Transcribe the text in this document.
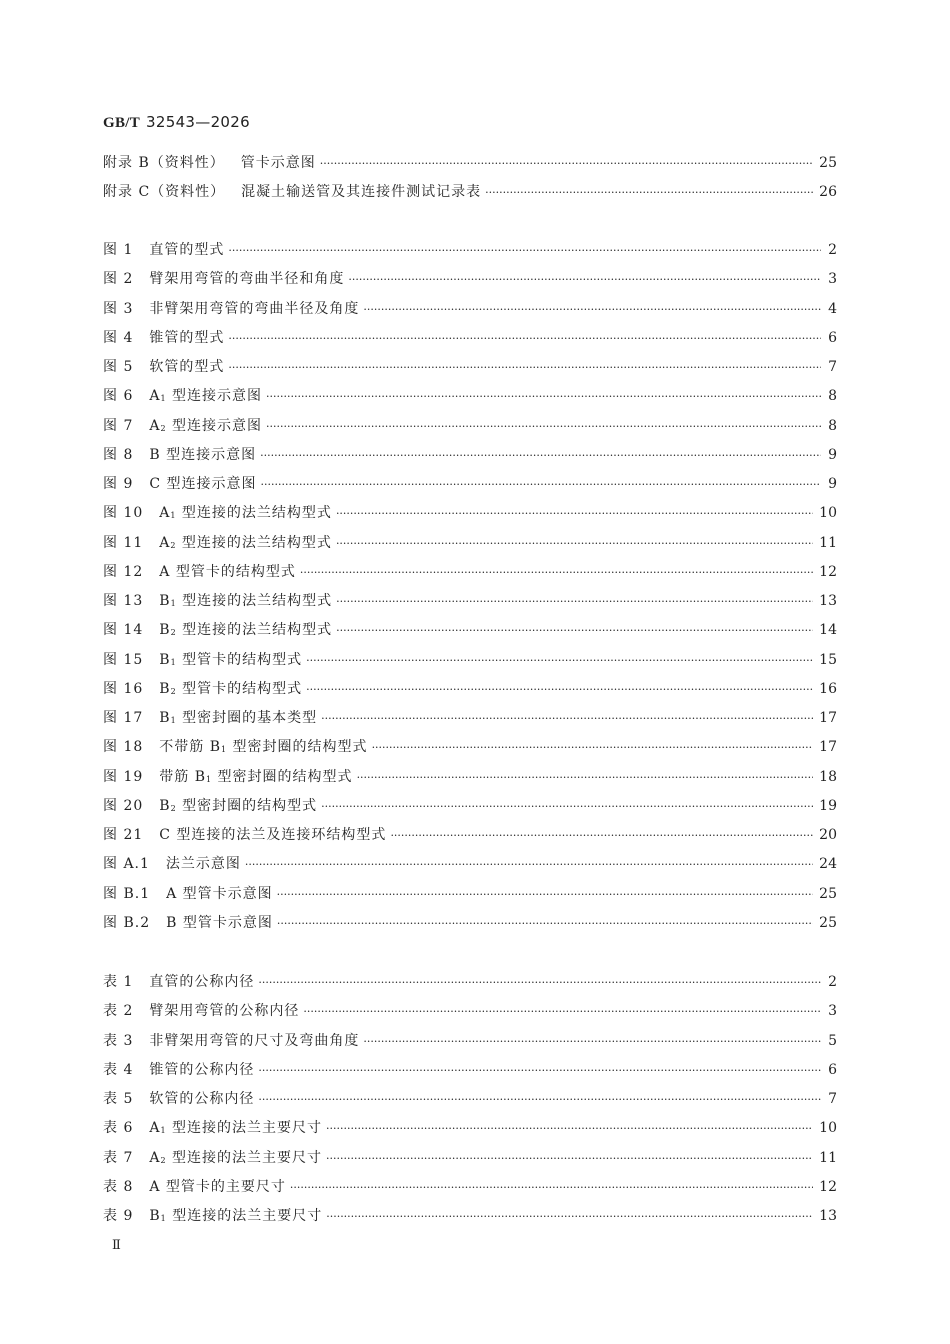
GB/T 32543—2026
附录 B（资料性） 管卡示意图 ·····	25
附录 C（资料性） 混凝土输送管及其连接件测试记录表 ·····	26
图 1 直管的型式 ·····	2
图 2 臂架用弯管的弯曲半径和角度 ·····	3
图 3 非臂架用弯管的弯曲半径及角度 ·····	4
图 4 锥管的型式 ·····	6
图 5 软管的型式 ·····	7
图 6 $A_1$ 型连接示意图 ·····	8
图 7 $A_2$ 型连接示意图 ·····	8
图 8 B 型连接示意图 ·····	9
图 9 C 型连接示意图 ·····	9
图 10 $A_1$ 型连接的法兰结构型式 ·····	10
图 11 $A_2$ 型连接的法兰结构型式 ·····	11
图 12 A 型管卡的结构型式 ·····	12
图 13 $B_1$ 型连接的法兰结构型式 ·····	13
图 14 $B_2$ 型连接的法兰结构型式 ·····	14
图 15 $B_1$ 型管卡的结构型式 ·····	15
图 16 $B_2$ 型管卡的结构型式 ·····	16
图 17 $B_1$ 型密封圈的基本类型 ·····	17
图 18 不带筋 $B_1$ 型密封圈的结构型式 ·····	17
图 19 带筋 $B_1$ 型密封圈的结构型式 ·····	18
图 20 $B_2$ 型密封圈的结构型式 ·····	19
图 21 C 型连接的法兰及连接环结构型式 ·····	20
图 A.1 法兰示意图 ·····	24
图 B.1 A 型管卡示意图 ·····	25
图 B.2 B 型管卡示意图 ·····	25
表 1 直管的公称内径 ·····	2
表 2 臂架用弯管的公称内径 ·····	3
表 3 非臂架用弯管的尺寸及弯曲角度 ·····	5
表 4 锥管的公称内径 ·····	6
表 5 软管的公称内径 ·····	7
表 6 $A_1$ 型连接的法兰主要尺寸 ·····	10
表 7 $A_2$ 型连接的法兰主要尺寸 ·····	11
表 8 A 型管卡的主要尺寸 ·····	12
表 9 $B_1$ 型连接的法兰主要尺寸 ·····	13
Ⅱ
